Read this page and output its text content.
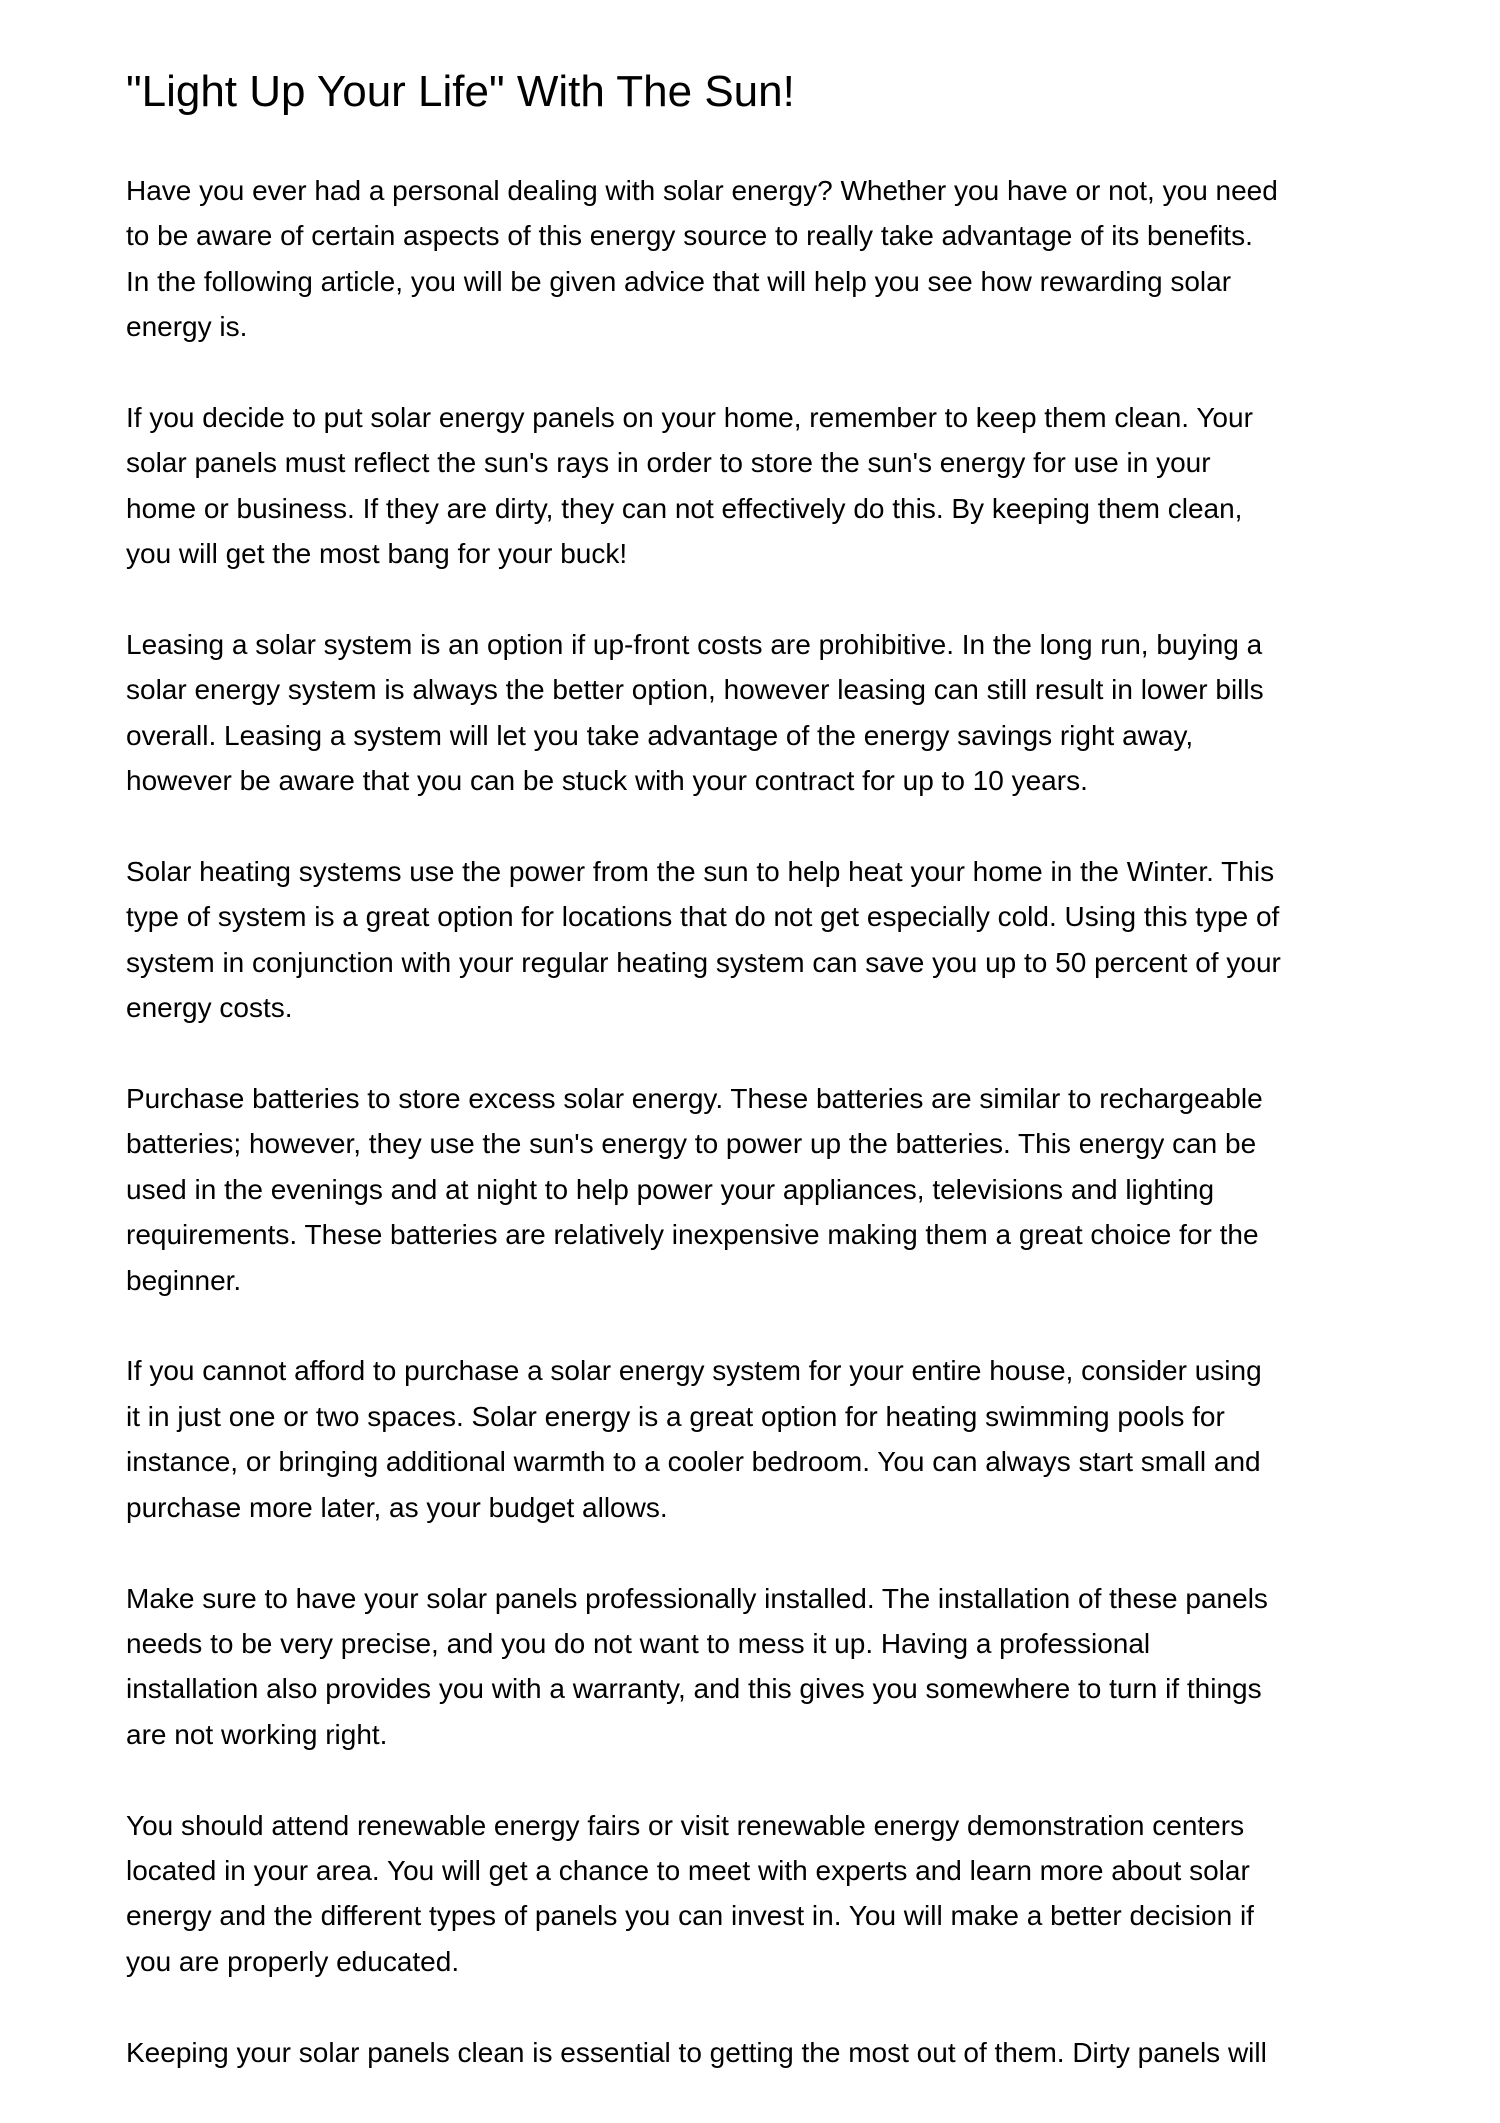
"Light Up Your Life" With The Sun!

Have you ever had a personal dealing with solar energy? Whether you have or not, you need
to be aware of certain aspects of this energy source to really take advantage of its benefits.
In the following article, you will be given advice that will help you see how rewarding solar
energy is.

If you decide to put solar energy panels on your home, remember to keep them clean. Your
solar panels must reflect the sun's rays in order to store the sun's energy for use in your
home or business. If they are dirty, they can not effectively do this. By keeping them clean,
you will get the most bang for your buck!

Leasing a solar system is an option if up-front costs are prohibitive. In the long run, buying a
solar energy system is always the better option, however leasing can still result in lower bills
overall. Leasing a system will let you take advantage of the energy savings right away,
however be aware that you can be stuck with your contract for up to 10 years.

Solar heating systems use the power from the sun to help heat your home in the Winter. This
type of system is a great option for locations that do not get especially cold. Using this type of
system in conjunction with your regular heating system can save you up to 50 percent of your
energy costs.

Purchase batteries to store excess solar energy. These batteries are similar to rechargeable
batteries; however, they use the sun's energy to power up the batteries. This energy can be
used in the evenings and at night to help power your appliances, televisions and lighting
requirements. These batteries are relatively inexpensive making them a great choice for the
beginner.

If you cannot afford to purchase a solar energy system for your entire house, consider using
it in just one or two spaces. Solar energy is a great option for heating swimming pools for
instance, or bringing additional warmth to a cooler bedroom. You can always start small and
purchase more later, as your budget allows.

Make sure to have your solar panels professionally installed. The installation of these panels
needs to be very precise, and you do not want to mess it up. Having a professional
installation also provides you with a warranty, and this gives you somewhere to turn if things
are not working right.

You should attend renewable energy fairs or visit renewable energy demonstration centers
located in your area. You will get a chance to meet with experts and learn more about solar
energy and the different types of panels you can invest in. You will make a better decision if
you are properly educated.

Keeping your solar panels clean is essential to getting the most out of them. Dirty panels will
